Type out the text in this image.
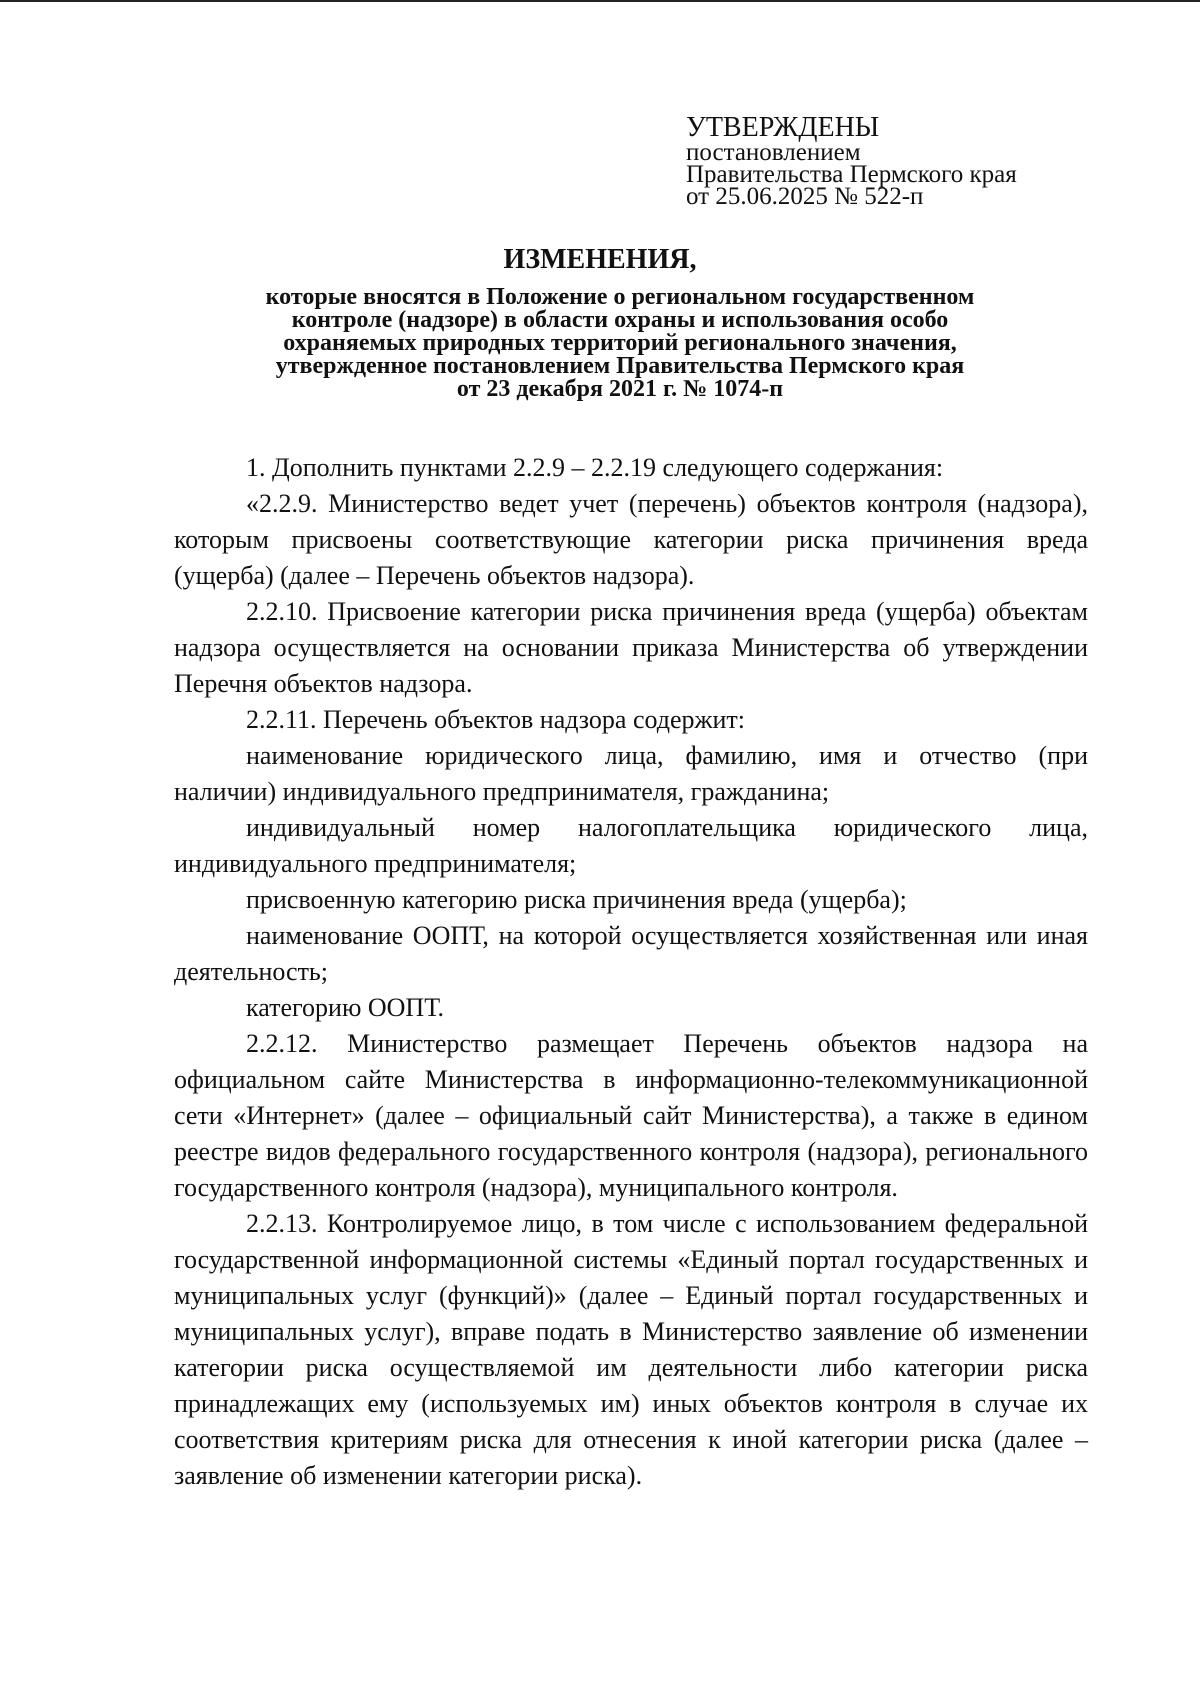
УТВЕРЖДЕНЫ
постановлением
Правительства Пермского края
от 25.06.2025 № 522-п
ИЗМЕНЕНИЯ,
которые вносятся в Положение о региональном государственном
контроле (надзоре) в области охраны и использования особо
охраняемых природных территорий регионального значения,
утвержденное постановлением Правительства Пермского края
от 23 декабря 2021 г. № 1074-п

1. Дополнить пунктами 2.2.9 – 2.2.19 следующего содержания:

«2.2.9. Министерство ведет учет (перечень) объектов контроля (надзора), которым присвоены соответствующие категории риска причинения вреда (ущерба) (далее – Перечень объектов надзора).

2.2.10. Присвоение категории риска причинения вреда (ущерба) объектам надзора осуществляется на основании приказа Министерства об утверждении Перечня объектов надзора.

2.2.11. Перечень объектов надзора содержит:

наименование юридического лица, фамилию, имя и отчество (при наличии) индивидуального предпринимателя, гражданина;

индивидуальный номер налогоплательщика юридического лица, индивидуального предпринимателя;

присвоенную категорию риска причинения вреда (ущерба);

наименование ООПТ, на которой осуществляется хозяйственная или иная деятельность;

категорию ООПТ.

2.2.12. Министерство размещает Перечень объектов надзора на официальном сайте Министерства в информационно-телекоммуникационной сети «Интернет» (далее – официальный сайт Министерства), а также в едином реестре видов федерального государственного контроля (надзора), регионального государственного контроля (надзора), муниципального контроля.

2.2.13. Контролируемое лицо, в том числе с использованием федеральной государственной информационной системы «Единый портал государственных и муниципальных услуг (функций)» (далее – Единый портал государственных и муниципальных услуг), вправе подать в Министерство заявление об изменении категории риска осуществляемой им деятельности либо категории риска принадлежащих ему (используемых им) иных объектов контроля в случае их соответствия критериям риска для отнесения к иной категории риска (далее – заявление об изменении категории риска).
